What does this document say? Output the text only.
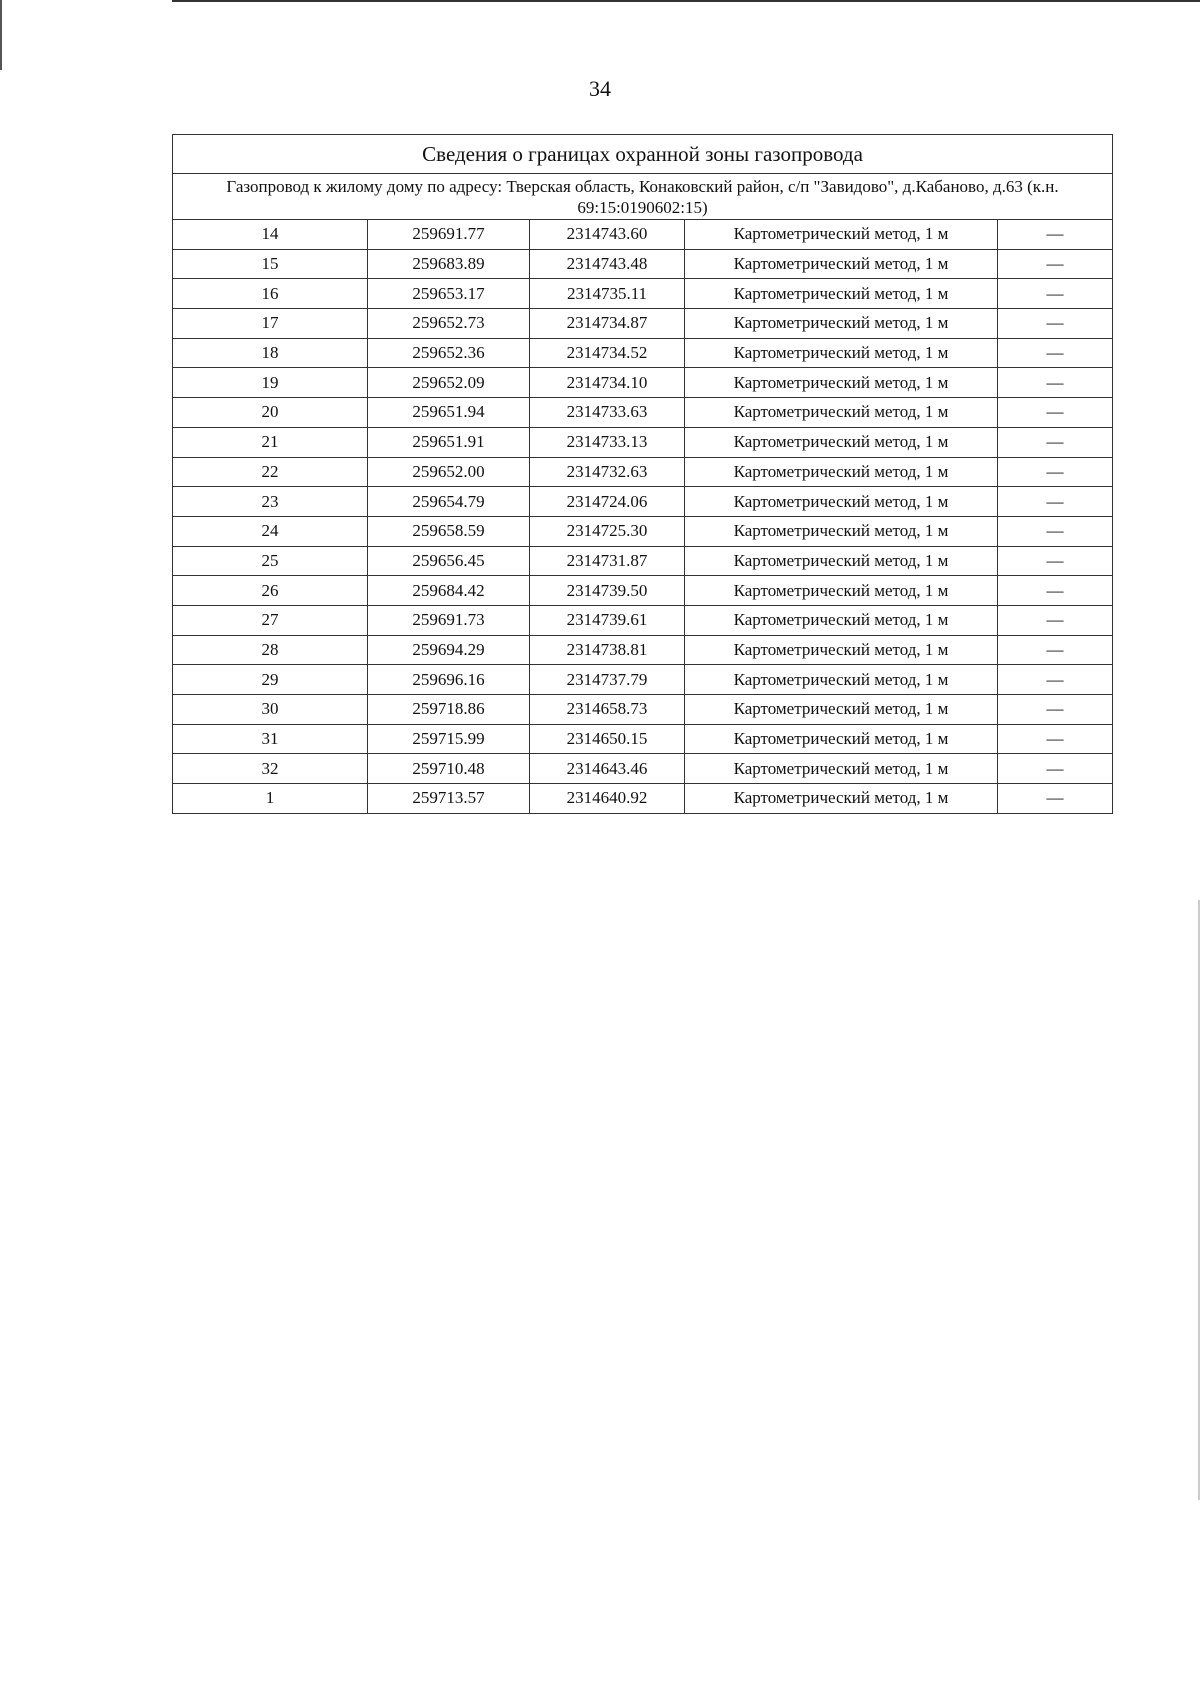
34
Сведения о границах охранной зоны газопровода				
Газопровод к жилому дому по адресу: Тверская область, Конаковский район, с/п "Завидово", д.Кабаново, д.63 (к.н. 69:15:0190602:15)				
14	259691.77	2314743.60	Картометрический метод, 1 м	—
15	259683.89	2314743.48	Картометрический метод, 1 м	—
16	259653.17	2314735.11	Картометрический метод, 1 м	—
17	259652.73	2314734.87	Картометрический метод, 1 м	—
18	259652.36	2314734.52	Картометрический метод, 1 м	—
19	259652.09	2314734.10	Картометрический метод, 1 м	—
20	259651.94	2314733.63	Картометрический метод, 1 м	—
21	259651.91	2314733.13	Картометрический метод, 1 м	—
22	259652.00	2314732.63	Картометрический метод, 1 м	—
23	259654.79	2314724.06	Картометрический метод, 1 м	—
24	259658.59	2314725.30	Картометрический метод, 1 м	—
25	259656.45	2314731.87	Картометрический метод, 1 м	—
26	259684.42	2314739.50	Картометрический метод, 1 м	—
27	259691.73	2314739.61	Картометрический метод, 1 м	—
28	259694.29	2314738.81	Картометрический метод, 1 м	—
29	259696.16	2314737.79	Картометрический метод, 1 м	—
30	259718.86	2314658.73	Картометрический метод, 1 м	—
31	259715.99	2314650.15	Картометрический метод, 1 м	—
32	259710.48	2314643.46	Картометрический метод, 1 м	—
1	259713.57	2314640.92	Картометрический метод, 1 м	—
